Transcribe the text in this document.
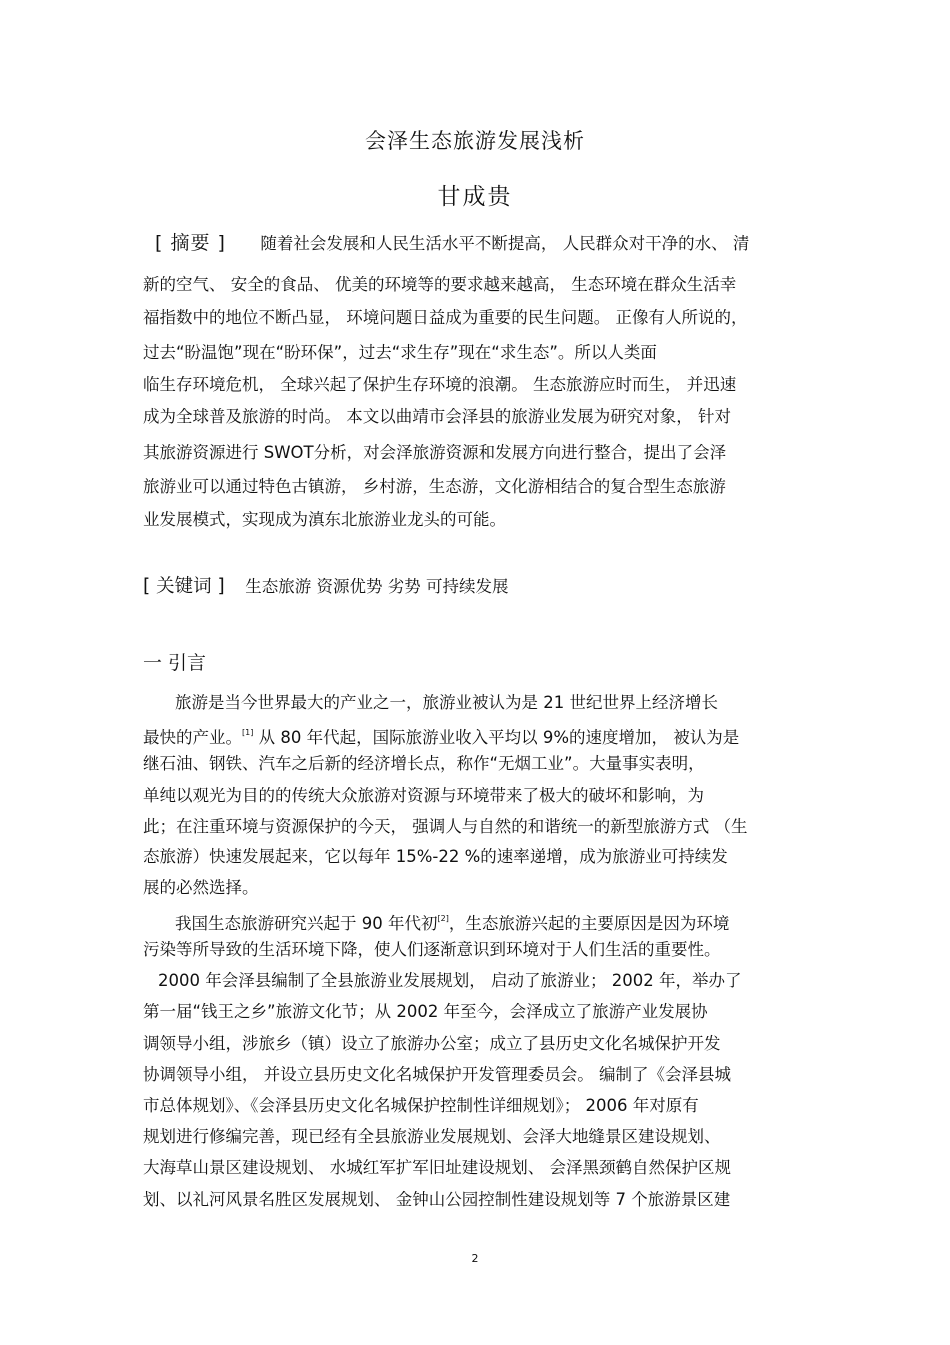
会泽生态旅游发展浅析
甘成贵
[ 摘要 ] 随着社会发展和人民生活水平不断提高， 人民群众对干净的水、 清
新的空气、 安全的食品、 优美的环境等的要求越来越高， 生态环境在群众生活幸
福指数中的地位不断凸显， 环境问题日益成为重要的民生问题。 正像有人所说的，
过去“盼温饱”现在“盼环保”，过去“求生存”现在“求生态”。所以人类面
临生存环境危机， 全球兴起了保护生存环境的浪潮。 生态旅游应时而生， 并迅速
成为全球普及旅游的时尚。 本文以曲靖市会泽县的旅游业发展为研究对象， 针对
其旅游资源进行 SWOT分析，对会泽旅游资源和发展方向进行整合，提出了会泽
旅游业可以通过特色古镇游， 乡村游，生态游，文化游相结合的复合型生态旅游
业发展模式，实现成为滇东北旅游业龙头的可能。
[ 关键词 ] 生态旅游 资源优势 劣势 可持续发展
一 引言
旅游是当今世界最大的产业之一，旅游业被认为是 21 世纪世界上经济增长
最快的产业。[1] 从 80 年代起，国际旅游业收入平均以 9%的速度增加， 被认为是
继石油、钢铁、汽车之后新的经济增长点，称作“无烟工业”。大量事实表明，
单纯以观光为目的的传统大众旅游对资源与环境带来了极大的破坏和影响，为
此；在注重环境与资源保护的今天， 强调人与自然的和谐统一的新型旅游方式 （生
态旅游）快速发展起来，它以每年 15%-22 %的速率递增，成为旅游业可持续发
展的必然选择。
我国生态旅游研究兴起于 90 年代初[2]，生态旅游兴起的主要原因是因为环境
污染等所导致的生活环境下降，使人们逐渐意识到环境对于人们生活的重要性。
2000 年会泽县编制了全县旅游业发展规划， 启动了旅游业； 2002 年，举办了
第一届“钱王之乡”旅游文化节；从 2002 年至今，会泽成立了旅游产业发展协
调领导小组，涉旅乡（镇）设立了旅游办公室；成立了县历史文化名城保护开发
协调领导小组， 并设立县历史文化名城保护开发管理委员会。 编制了《会泽县城
市总体规划》、《会泽县历史文化名城保护控制性详细规划》； 2006 年对原有
规划进行修编完善，现已经有全县旅游业发展规划、会泽大地缝景区建设规划、
大海草山景区建设规划、 水城红军扩军旧址建设规划、 会泽黑颈鹤自然保护区规
划、以礼河风景名胜区发展规划、 金钟山公园控制性建设规划等 7 个旅游景区建
2
